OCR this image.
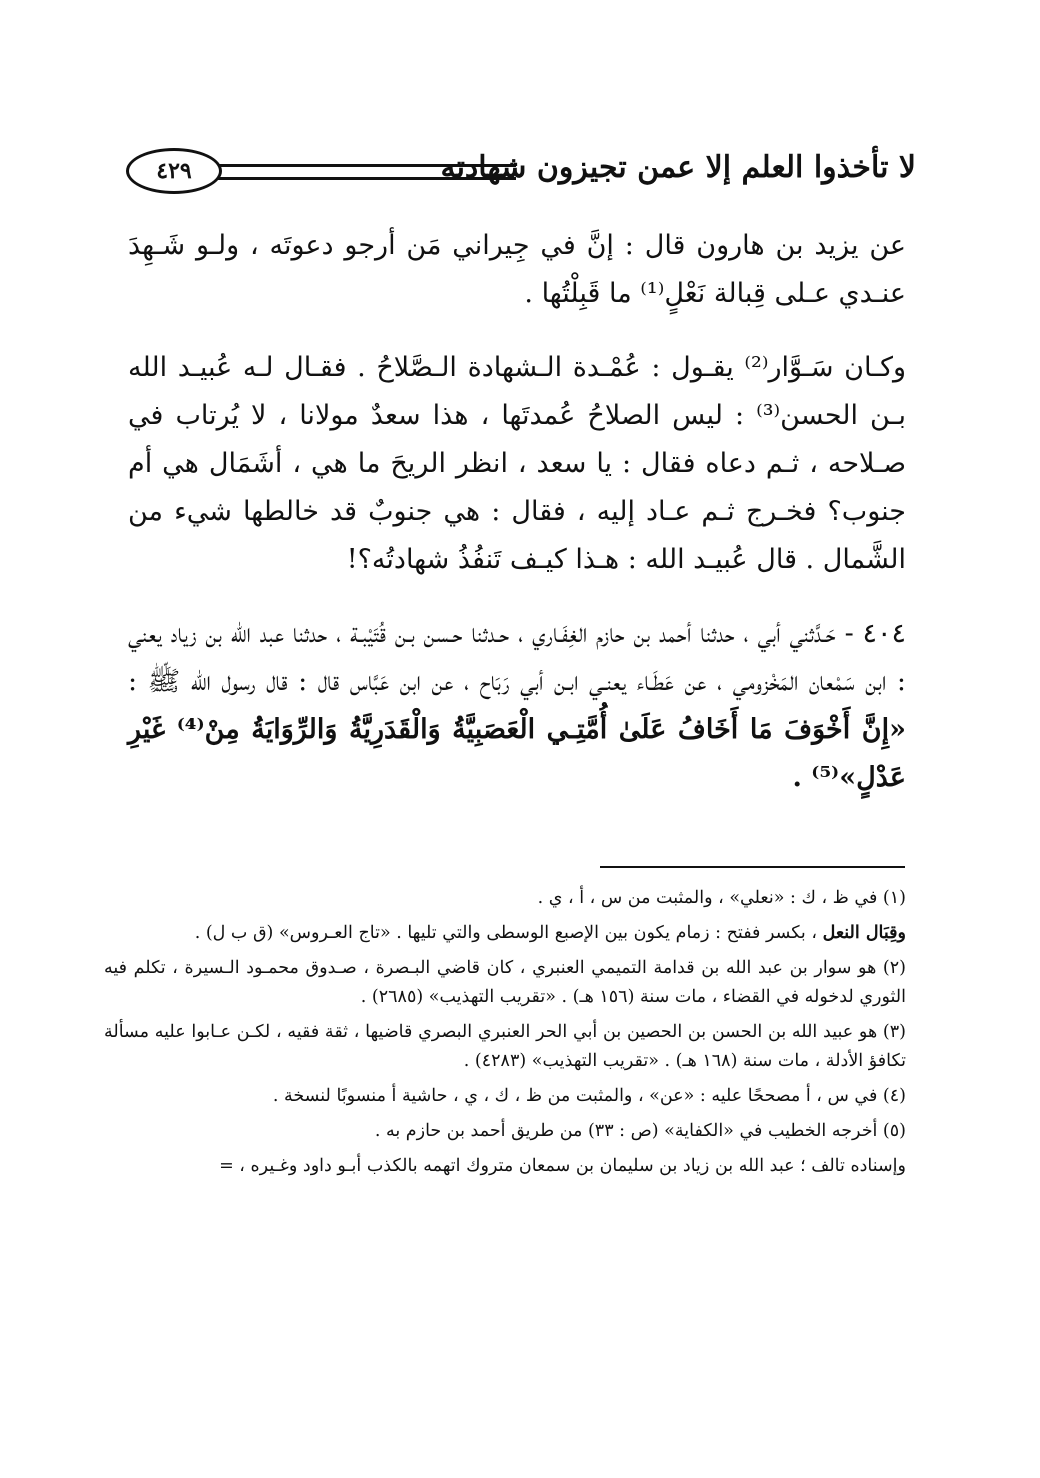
٤٢٩	لا تأخذوا العلم إلا عمن تجيزون شهادته

عن يزيد بن هارون قال : إنَّ في جِيراني مَن أرجو دعوتَه ، ولـو شَـهِدَ عنـدي عـلى قِبالة نَعْلٍ⁽¹⁾ ما قَبِلْتُها .

وكـان سَـوَّار⁽²⁾ يقـول : عُمْـدة الـشهادة الـصَّلاحُ . فقـال لـه عُبيـد الله بـن الحسن⁽³⁾ : ليس الصلاحُ عُمدتَها ، هذا سعدٌ مولانا ، لا يُرتاب في صـلاحه ، ثـم دعاه فقال : يا سعد ، انظر الريحَ ما هي ، أشَمَال هي أم جنوب؟ فخـرج ثـم عـاد إليه ، فقال : هي جنوبٌ قد خالطها شيء من الشَّمال . قال عُبيـد الله : هـذا كيـف تَنفُذُ شهادتُه؟!

٤٠٤ - حَـدَّثني أبي ، حدثنا أحمد بن حازم الغِفَـاري ، حـدثنا حـسن بـن قُتَيْبـة ، حدثنا عبد الله بن زياد يعني : ابن سَمْعان المَخْزومي ، عن عَطَـاء يعنـي ابـن أبي رَبَاح ، عن ابن عَبَّاس قال : قال رسول الله ﷺ : «إِنَّ أَخْوَفَ مَا أَخَافُ عَلَىٰ أُمَّتِـي الْعَصَبِيَّةُ وَالْقَدَرِيَّةُ وَالرِّوَايَةُ مِنْ⁽⁴⁾ غَيْرِ عَدْلٍ»⁽⁵⁾ .

(١) في ظ ، ك : «نعلي» ، والمثبت من س ، أ ، ي .

وقِبَال النعل ، بكسر ففتح : زمام يكون بين الإصبع الوسطى والتي تليها . «تاج العـروس» (ق ب ل) .

(٢) هو سوار بن عبد الله بن قدامة التميمي العنبري ، كان قاضي البـصرة ، صـدوق محمـود الـسيرة ، تكلم فيه الثوري لدخوله في القضاء ، مات سنة (١٥٦ هـ) . «تقريب التهذيب» (٢٦٨٥) .

(٣) هو عبيد الله بن الحسن بن الحصين بن أبي الحر العنبري البصري قاضيها ، ثقة فقيه ، لكـن عـابوا عليه مسألة تكافؤ الأدلة ، مات سنة (١٦٨ هـ) . «تقريب التهذيب» (٤٢٨٣) .

(٤) في س ، أ مصححًا عليه : «عن» ، والمثبت من ظ ، ك ، ي ، حاشية أ منسوبًا لنسخة .

(٥) أخرجه الخطيب في «الكفاية» (ص : ٣٣) من طريق أحمد بن حازم به .

وإسناده تالف ؛ عبد الله بن زياد بن سليمان بن سمعان متروك اتهمه بالكذب أبـو داود وغـيره ، =
